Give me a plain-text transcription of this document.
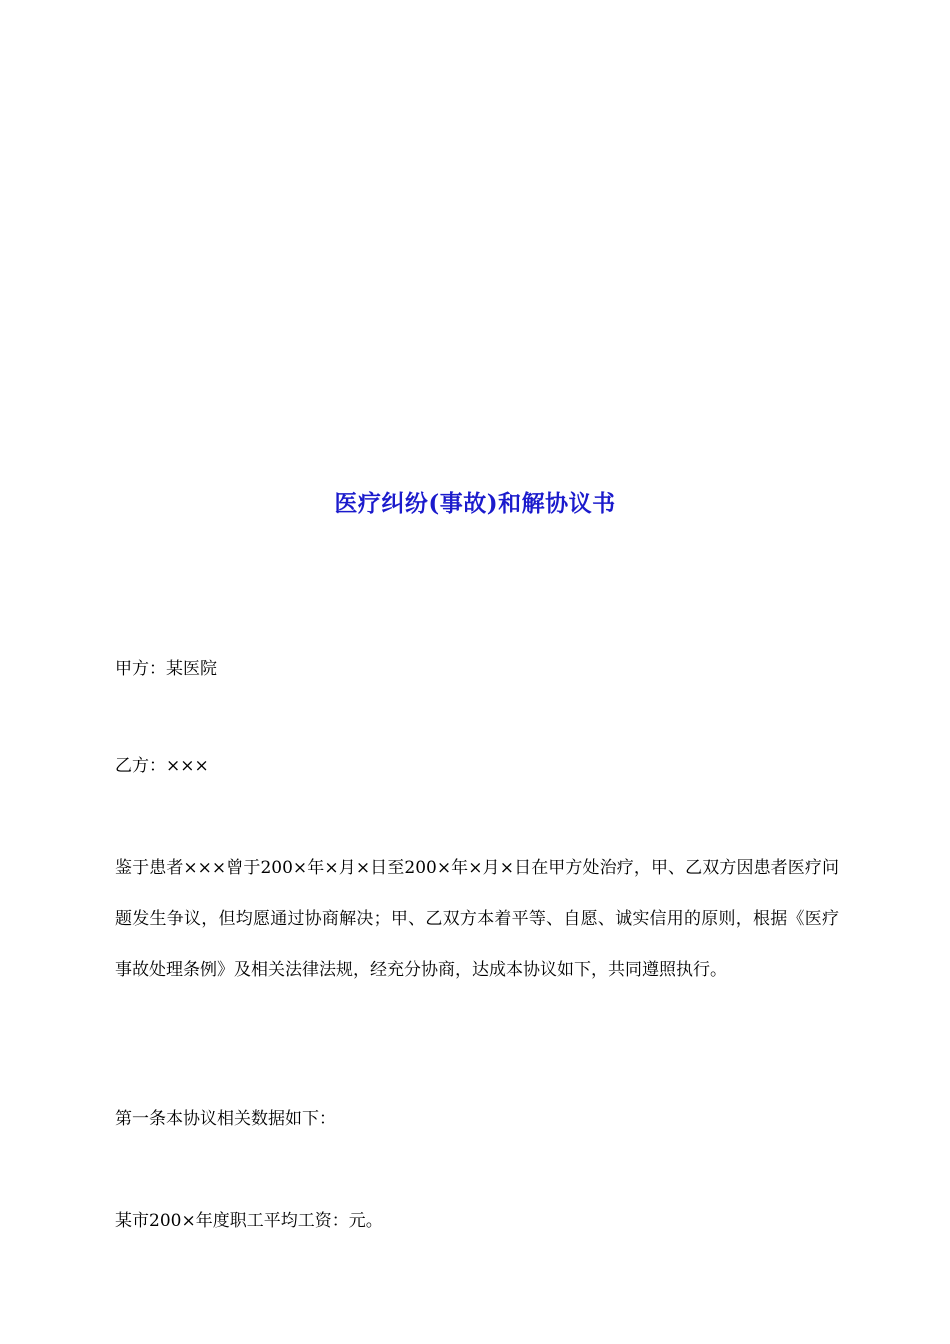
医疗纠纷(事故)和解协议书

甲方：某医院

乙方：×××

鉴于患者×××曾于200×年×月×日至200×年×月×日在甲方处治疗，甲、乙双方因患者医疗问题发生争议，但均愿通过协商解决；甲、乙双方本着平等、自愿、诚实信用的原则，根据《医疗事故处理条例》及相关法律法规，经充分协商，达成本协议如下，共同遵照执行。

第一条本协议相关数据如下：

某市200×年度职工平均工资：元。
